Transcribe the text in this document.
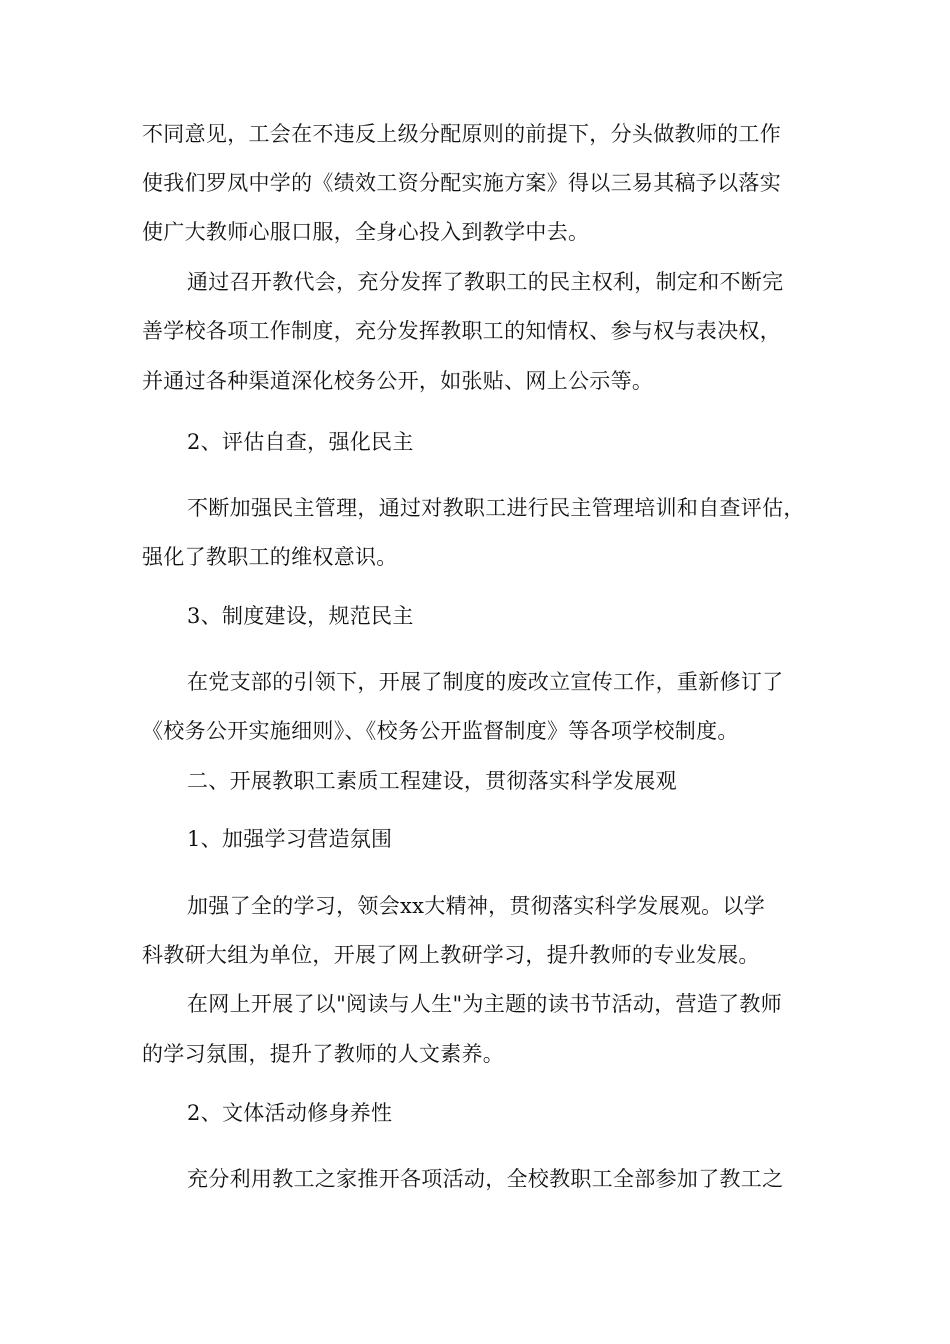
不同意见，工会在不违反上级分配原则的前提下，分头做教师的工作
使我们罗凤中学的《绩效工资分配实施方案》得以三易其稿予以落实
使广大教师心服口服，全身心投入到教学中去。
通过召开教代会，充分发挥了教职工的民主权利，制定和不断完
善学校各项工作制度，充分发挥教职工的知情权、参与权与表决权，
并通过各种渠道深化校务公开，如张贴、网上公示等。
2、评估自查，强化民主
不断加强民主管理，通过对教职工进行民主管理培训和自查评估，
强化了教职工的维权意识。
3、制度建设，规范民主
在党支部的引领下，开展了制度的废改立宣传工作，重新修订了
《校务公开实施细则》、《校务公开监督制度》等各项学校制度。
二、开展教职工素质工程建设，贯彻落实科学发展观
1、加强学习营造氛围
加强了全的学习，领会xx大精神，贯彻落实科学发展观。以学
科教研大组为单位，开展了网上教研学习，提升教师的专业发展。
在网上开展了以"阅读与人生"为主题的读书节活动，营造了教师
的学习氛围，提升了教师的人文素养。
2、文体活动修身养性
充分利用教工之家推开各项活动，全校教职工全部参加了教工之
